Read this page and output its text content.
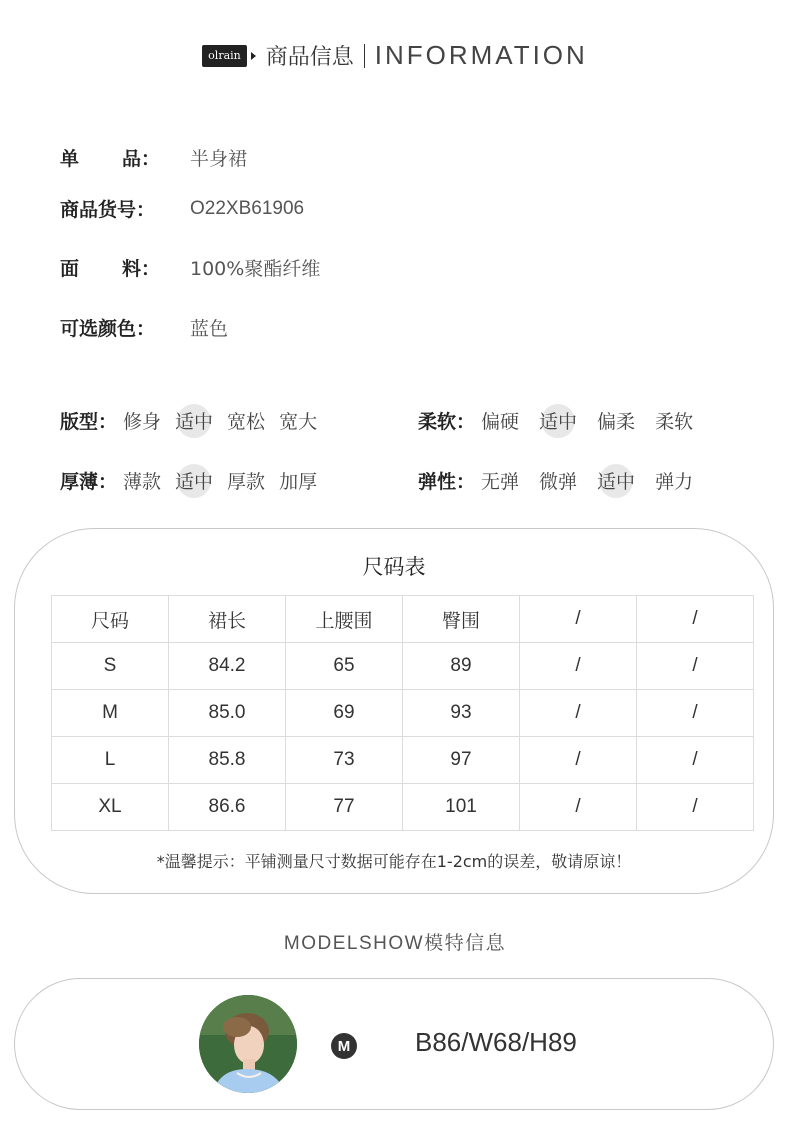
olrain 商品信息 INFORMATION
单 品： 半身裙
商品货号：	O22XB61906
面 料： 100%聚酯纤维
可选颜色：	蓝色
版型： 修身 适中 宽松 宽大	柔软： 偏硬 适中 偏柔 柔软
厚薄： 薄款 适中 厚款 加厚	弹性： 无弹 微弹 适中 弹力
尺码表
尺码	裙长	上腰围	臀围	/	/
S	84.2	65	89	/	/
M	85.0	69	93	/	/
L	85.8	73	97	/	/
XL	86.6	77	101	/	/
*温馨提示：平铺测量尺寸数据可能存在1-2cm的误差，敬请原谅！
MODELSHOW模特信息
M B86/W68/H89
